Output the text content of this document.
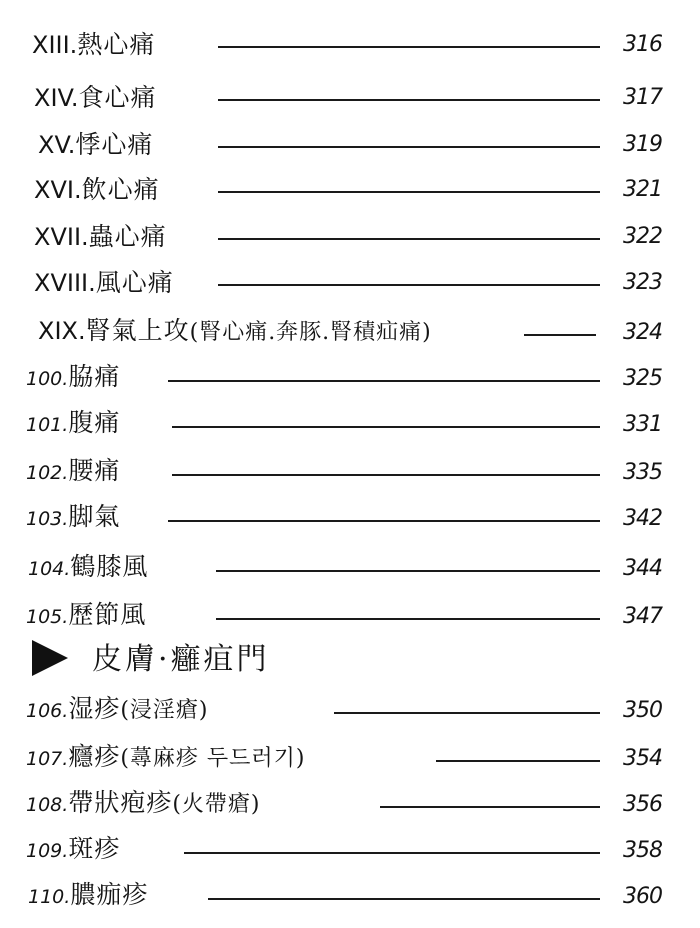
XIII.熱心痛	316
XIV.食心痛	317
XV.悸心痛	319
XVI.飲心痛	321
XVII.蟲心痛	322
XVIII.風心痛	323
XIX.腎氣上攻(腎心痛.奔豚.腎積疝痛)	324
100.脇痛	325
101.腹痛	331
102.腰痛	335
103.脚氣	342
104.鶴膝風	344
105.歷節風	347
皮膚·癰疽門
106.湿疹(浸淫瘡)	350
107.癮疹(蕁麻疹 두드러기)	354
108.帶狀疱疹(火帶瘡)	356
109.斑疹	358
110.膿痂疹	360
